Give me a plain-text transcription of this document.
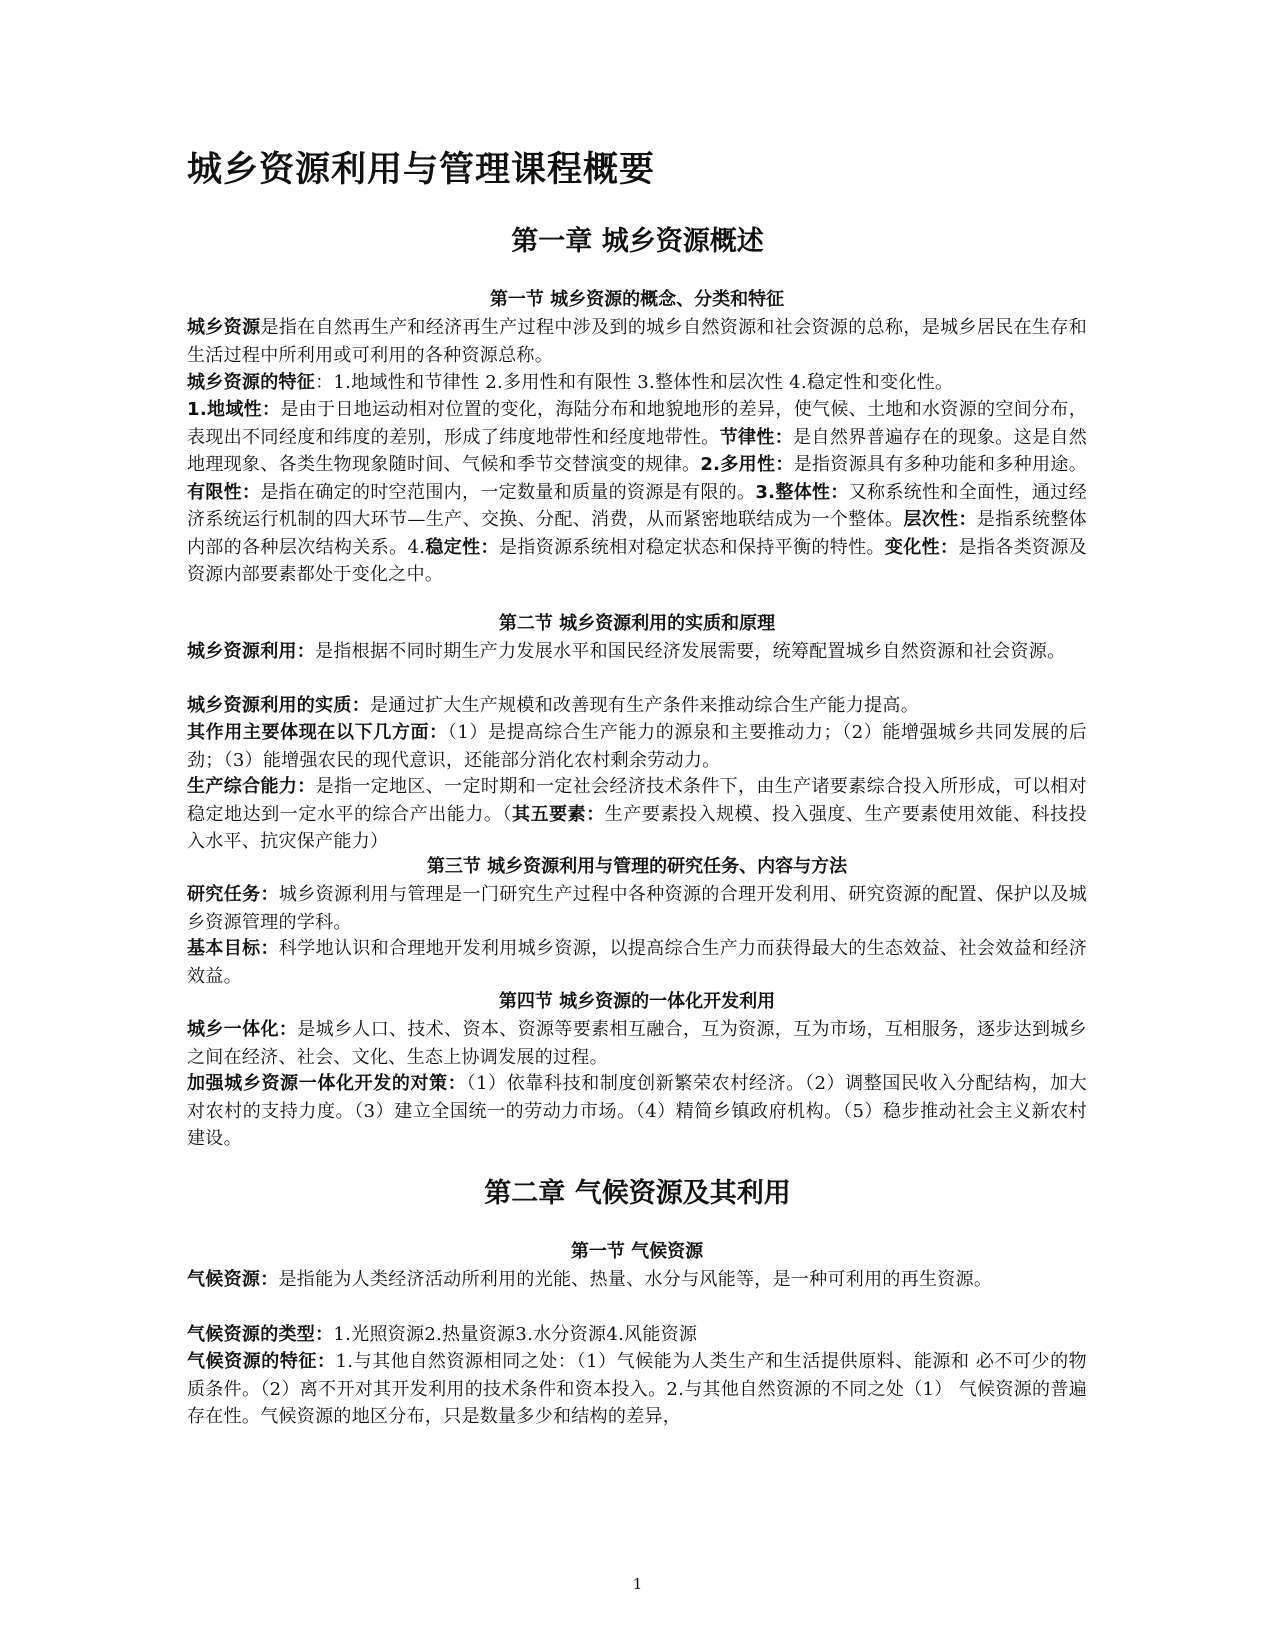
城乡资源利用与管理课程概要
第一章 城乡资源概述
第一节 城乡资源的概念、分类和特征

城乡资源是指在自然再生产和经济再生产过程中涉及到的城乡自然资源和社会资源的总称，是城乡居民在生存和生活过程中所利用或可利用的各种资源总称。

城乡资源的特征：1.地域性和节律性 2.多用性和有限性 3.整体性和层次性 4.稳定性和变化性。

1.地域性：是由于日地运动相对位置的变化，海陆分布和地貌地形的差异，使气候、土地和水资源的空间分布，表现出不同经度和纬度的差别，形成了纬度地带性和经度地带性。节律性：是自然界普遍存在的现象。这是自然地理现象、各类生物现象随时间、气候和季节交替演变的规律。2.多用性：是指资源具有多种功能和多种用途。有限性：是指在确定的时空范围内，一定数量和质量的资源是有限的。3.整体性：又称系统性和全面性，通过经济系统运行机制的四大环节—生产、交换、分配、消费，从而紧密地联结成为一个整体。层次性：是指系统整体内部的各种层次结构关系。4.稳定性：是指资源系统相对稳定状态和保持平衡的特性。变化性：是指各类资源及资源内部要素都处于变化之中。

第二节 城乡资源利用的实质和原理

城乡资源利用：是指根据不同时期生产力发展水平和国民经济发展需要，统筹配置城乡自然资源和社会资源。

城乡资源利用的实质：是通过扩大生产规模和改善现有生产条件来推动综合生产能力提高。

其作用主要体现在以下几方面：（1）是提高综合生产能力的源泉和主要推动力；（2）能增强城乡共同发展的后劲；（3）能增强农民的现代意识，还能部分消化农村剩余劳动力。

生产综合能力：是指一定地区、一定时期和一定社会经济技术条件下，由生产诸要素综合投入所形成，可以相对稳定地达到一定水平的综合产出能力。（其五要素：生产要素投入规模、投入强度、生产要素使用效能、科技投入水平、抗灾保产能力）

第三节 城乡资源利用与管理的研究任务、内容与方法

研究任务：城乡资源利用与管理是一门研究生产过程中各种资源的合理开发利用、研究资源的配置、保护以及城乡资源管理的学科。

基本目标：科学地认识和合理地开发利用城乡资源，以提高综合生产力而获得最大的生态效益、社会效益和经济效益。

第四节 城乡资源的一体化开发利用

城乡一体化：是城乡人口、技术、资本、资源等要素相互融合，互为资源，互为市场，互相服务，逐步达到城乡之间在经济、社会、文化、生态上协调发展的过程。

加强城乡资源一体化开发的对策：（1）依靠科技和制度创新繁荣农村经济。（2）调整国民收入分配结构，加大对农村的支持力度。（3）建立全国统一的劳动力市场。（4）精简乡镇政府机构。（5）稳步推动社会主义新农村建设。

第二章 气候资源及其利用
第一节 气候资源

气候资源：是指能为人类经济活动所利用的光能、热量、水分与风能等，是一种可利用的再生资源。

气候资源的类型：1.光照资源2.热量资源3.水分资源4.风能资源

气候资源的特征：1.与其他自然资源相同之处：（1）气候能为人类生产和生活提供原料、能源和 必不可少的物质条件。（2）离不开对其开发利用的技术条件和资本投入。2.与其他自然资源的不同之处（1） 气候资源的普遍存在性。气候资源的地区分布，只是数量多少和结构的差异，

1
